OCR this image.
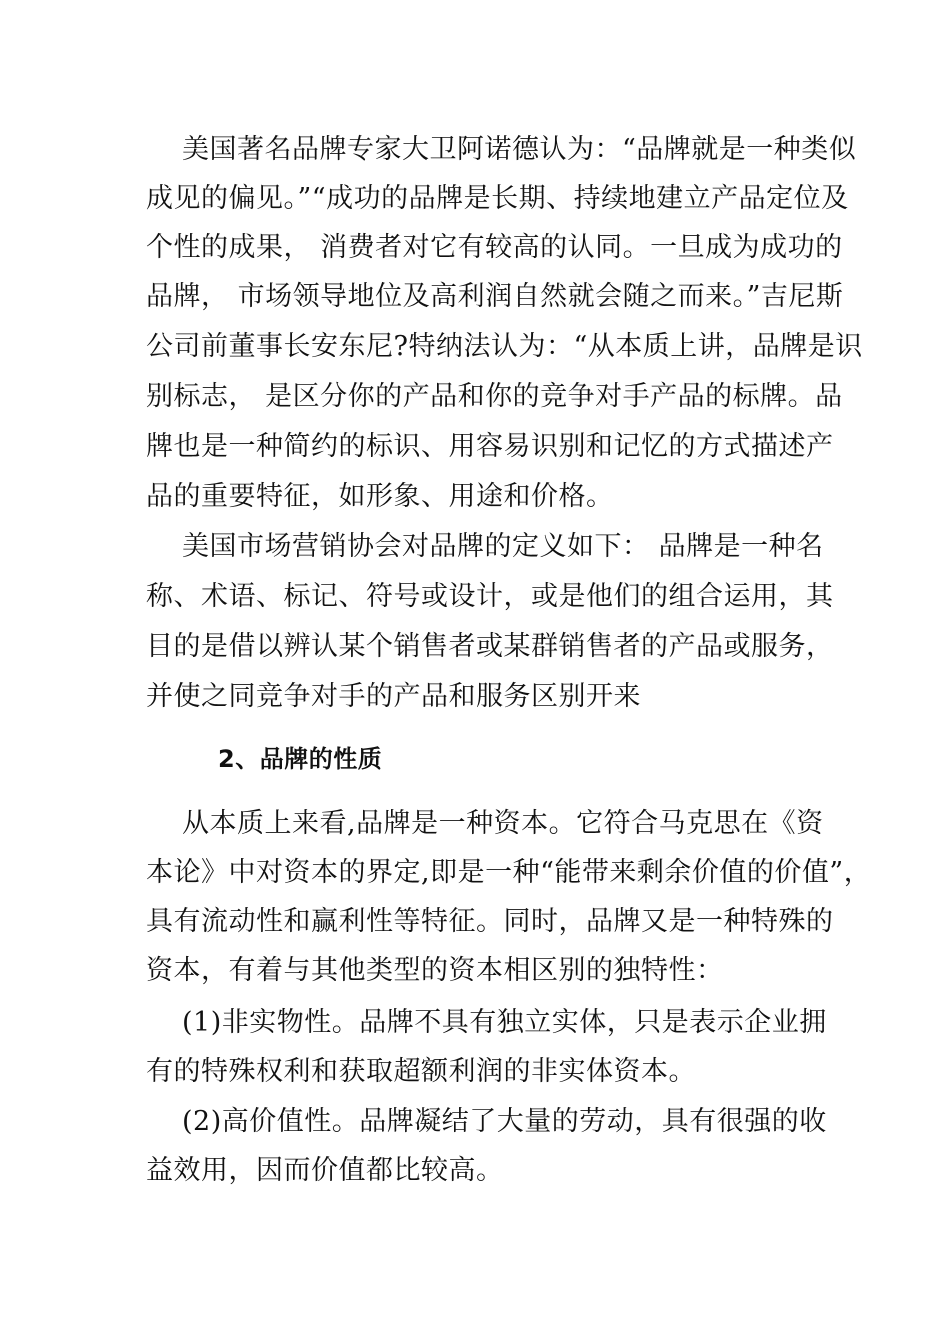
美国著名品牌专家大卫阿诺德认为：“品牌就是一种类似
成见的偏见。”“成功的品牌是长期、持续地建立产品定位及
个性的成果， 消费者对它有较高的认同。一旦成为成功的
品牌， 市场领导地位及高利润自然就会随之而来。”吉尼斯
公司前董事长安东尼?特纳法认为：“从本质上讲，品牌是识
别标志， 是区分你的产品和你的竞争对手产品的标牌。品
牌也是一种简约的标识、用容易识别和记忆的方式描述产
品的重要特征，如形象、用途和价格。
美国市场营销协会对品牌的定义如下： 品牌是一种名
称、术语、标记、符号或设计，或是他们的组合运用，其
目的是借以辨认某个销售者或某群销售者的产品或服务，
并使之同竞争对手的产品和服务区别开来
2、品牌的性质
从本质上来看,品牌是一种资本。它符合马克思在《资
本论》中对资本的界定,即是一种“能带来剩余价值的价值”，
具有流动性和赢利性等特征。同时，品牌又是一种特殊的
资本，有着与其他类型的资本相区别的独特性：
(1)非实物性。品牌不具有独立实体，只是表示企业拥
有的特殊权利和获取超额利润的非实体资本。
(2)高价值性。品牌凝结了大量的劳动，具有很强的收
益效用，因而价值都比较高。
